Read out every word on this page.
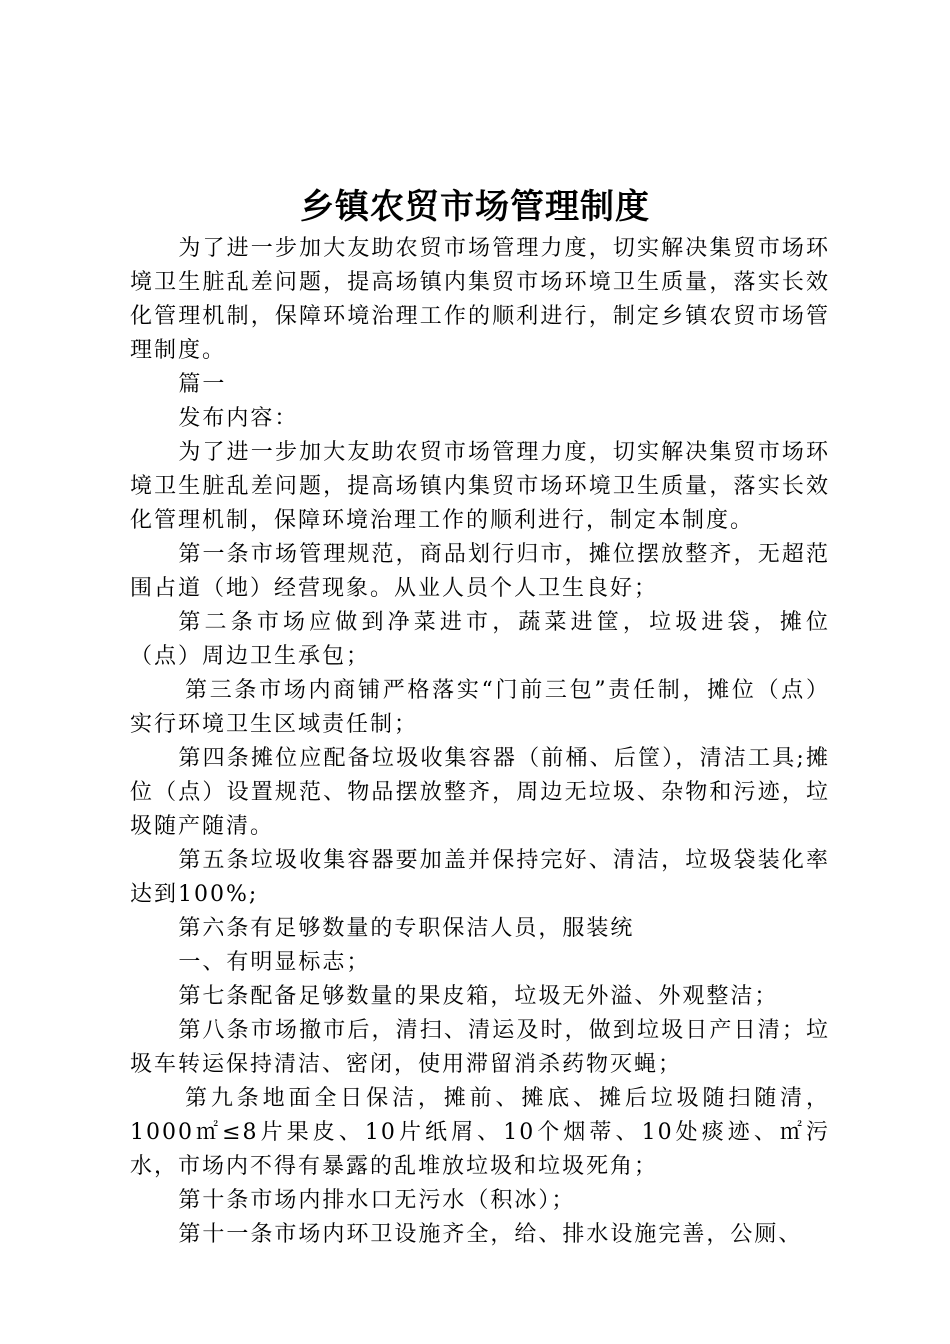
乡镇农贸市场管理制度

为了进一步加大友助农贸市场管理力度，切实解决集贸市场环境卫生脏乱差问题，提高场镇内集贸市场环境卫生质量，落实长效化管理机制，保障环境治理工作的顺利进行，制定乡镇农贸市场管理制度。

篇一

发布内容：

为了进一步加大友助农贸市场管理力度，切实解决集贸市场环境卫生脏乱差问题，提高场镇内集贸市场环境卫生质量，落实长效化管理机制，保障环境治理工作的顺利进行，制定本制度。

第一条市场管理规范，商品划行归市，摊位摆放整齐，无超范围占道（地）经营现象。从业人员个人卫生良好；

第二条市场应做到净菜进市，蔬菜进筐，垃圾进袋，摊位（点）周边卫生承包；

第三条市场内商铺严格落实“门前三包”责任制，摊位（点）实行环境卫生区域责任制；

第四条摊位应配备垃圾收集容器（前桶、后筐），清洁工具;摊位（点）设置规范、物品摆放整齐，周边无垃圾、杂物和污迹，垃圾随产随清。

第五条垃圾收集容器要加盖并保持完好、清洁，垃圾袋装化率达到100%;

第六条有足够数量的专职保洁人员，服装统

一、有明显标志；

第七条配备足够数量的果皮箱，垃圾无外溢、外观整洁；

第八条市场撤市后，清扫、清运及时，做到垃圾日产日清；垃圾车转运保持清洁、密闭，使用滞留消杀药物灭蝇；

第九条地面全日保洁，摊前、摊底、摊后垃圾随扫随清，1000㎡≤8片果皮、10片纸屑、10个烟蒂、10处痰迹、㎡污水，市场内不得有暴露的乱堆放垃圾和垃圾死角；

第十条市场内排水口无污水（积冰）；

第十一条市场内环卫设施齐全，给、排水设施完善，公厕、
